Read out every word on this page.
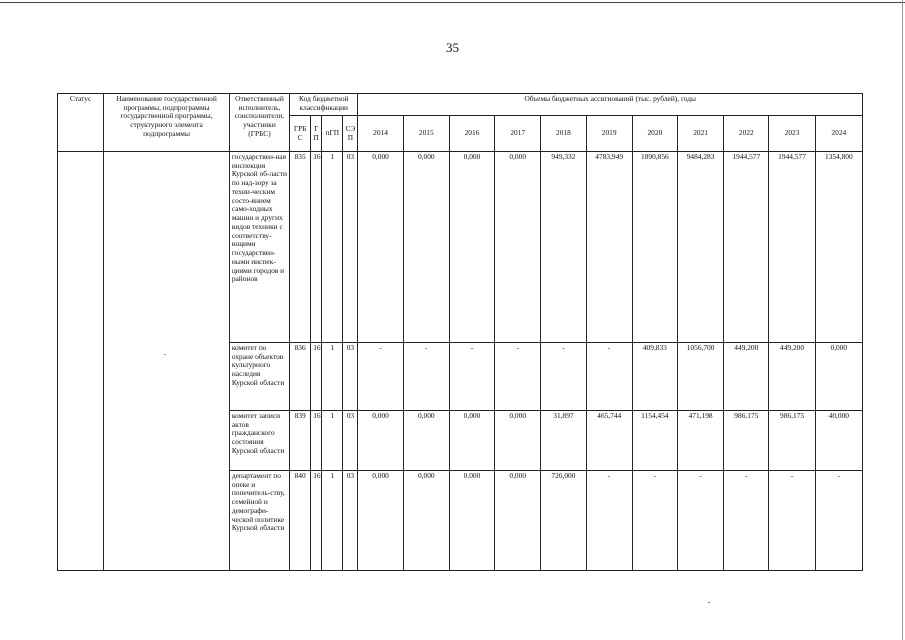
35
Статус	Наименование государственной программы, подпрограммы государственной программы, структурного элемента подпрограммы	Ответственный исполнитель, соисполнители, участники (ГРБС)	Код бюджетной классификации				Объемы бюджетных ассигнований (тыс. рублей), годы										
			ГРБС	ГП	пГП	СЭП	2014	2015	2016	2017	2018	2019	2020	2021	2022	2023	2024
		государствен-ная инспекция Курской об-ласти по над-зору за техни-ческим состо-янием само-ходных машин и других видов техники с соответству-ющими государствен-ными инспек-циями городов и районов	835	16	1	03	0,000	0,000	0,000	0,000	949,332	4783,949	1890,856	9484,283	1944,577	1944,577	1354,800
		комитет по охране объектов культурного наследия Курской области	836	16	1	03	-	-	-	-	-	-	409,833	1056,700	449,200	449,200	0,000
		комитет записи актов гражданского состояния Курской области	839	16	1	03	0,000	0,000	0,000	0,000	31,897	465,744	1154,454	471,198	986,175	986,175	40,000
		департамент по опеке и попечитель-ству, семейной и демографи-ческой политике Курской области	840	16	1	03	0,000	0,000	0,000	0,000	726,000	-	-	-	-	-	-
